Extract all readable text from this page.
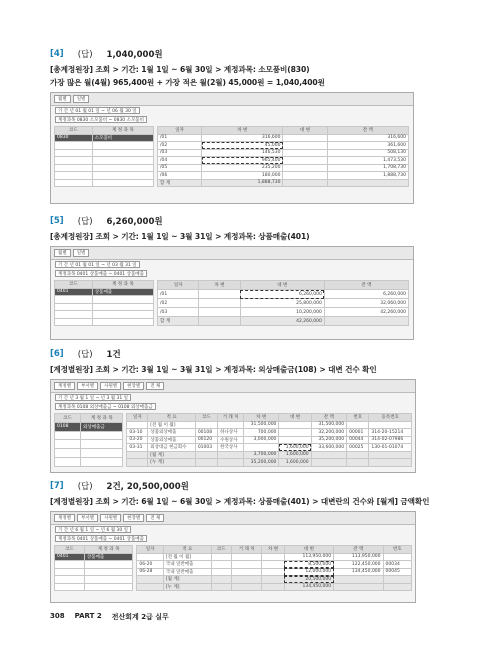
[4] (답) 1,040,000원
[총계정원장] 조회 > 기간: 1월 1일 ~ 6월 30일 > 계정과목: 소모품비(830)
가장 많은 월(4월) 965,400원 + 가장 적은 월(2월) 45,000원 = 1,040,400원
월별	일별
기 간 년 01 월 01 일 ~ 년 06 월 30 일
계정과목 0830 소모품비 ~ 0830 소모품비
코드	계 정 과 목
0830	소모품비

일자	차 변	대 변	잔 액
/01	316,600		316,600
/02	45,000		361,600
/03	146,530		508,130
/04	965,400		1,473,530
/05	235,200		1,708,730
/06	180,000		1,888,730
합 계	1,888,730		
[5] (답) 6,260,000원
[총계정원장] 조회 > 기간: 1월 1일 ~ 3월 31일 > 계정과목: 상품매출(401)
월별	일별
기 간 년 01 월 01 일 ~ 년 03 월 31 일
계정과목 0401 상품매출 ~ 0401 상품매출
코드	계 정 과 목
0401	상품매출

일자	차 변	대 변	잔 액
/01		6,260,000	6,260,000
/02		25,800,000	32,060,000
/03		10,200,000	42,260,000
합 계		42,260,000	
[6] (답) 1건
[계정별원장] 조회 > 기간: 3월 1일 ~ 3월 31일 > 계정과목: 외상매출금(108) > 대변 건수 확인
계정별	부서별	사원별	현장별	전 체
기 간 년 3 월 1 일 ~ 년 3 월 31 일
계정과목 0108 외상매출금 ~ 0108 외상매출금
코드	계 정 과 목
0108	외상매출금

일자	적 요	코드	거 래 처	차 변	대 변	잔 액	번호	등록번호
	[전 월 이 월]			31,500,000		31,500,000		
03-10	상품외상매출	00108	하나상사	700,000		32,200,000	00001	314-20-15214
03-20	상품외상매출	00120	수원상사	3,000,000		35,200,000	00044	314-02-07986
03-31	외상대금 현금회수	01003	한국상사		1,600,000	33,600,000	00025	130-01-01074
	[월 계]			3,700,000	1,600,000			
	[누 계]			35,200,000	1,600,000			
[7] (답) 2건, 20,500,000원
[계정별원장] 조회 > 기간: 6월 1일 ~ 6월 30일 > 계정과목: 상품매출(401) > 대변란의 건수와 [월계] 금액확인
계정별	부서별	사원별	현장별	전 체
기 간 년 6 월 1 일 ~ 년 6 월 30 일
계정과목 0401 상품매출 ~ 0401 상품매출
코드	계 정 과 목
0401	상품매출

일자	적 요	코드	거 래 처	차 변	대 변	잔 액	번호
	[전 월 이 월]				113,950,000	113,950,000	
06-20	국내 일반매출				8,500,000	122,450,000	00034
06-28	국내 일반매출				12,000,000	134,450,000	00045
	[월 계]				20,500,000		
	[누 계]				134,450,000		
308 PART 2 전산회계 2급 실무
